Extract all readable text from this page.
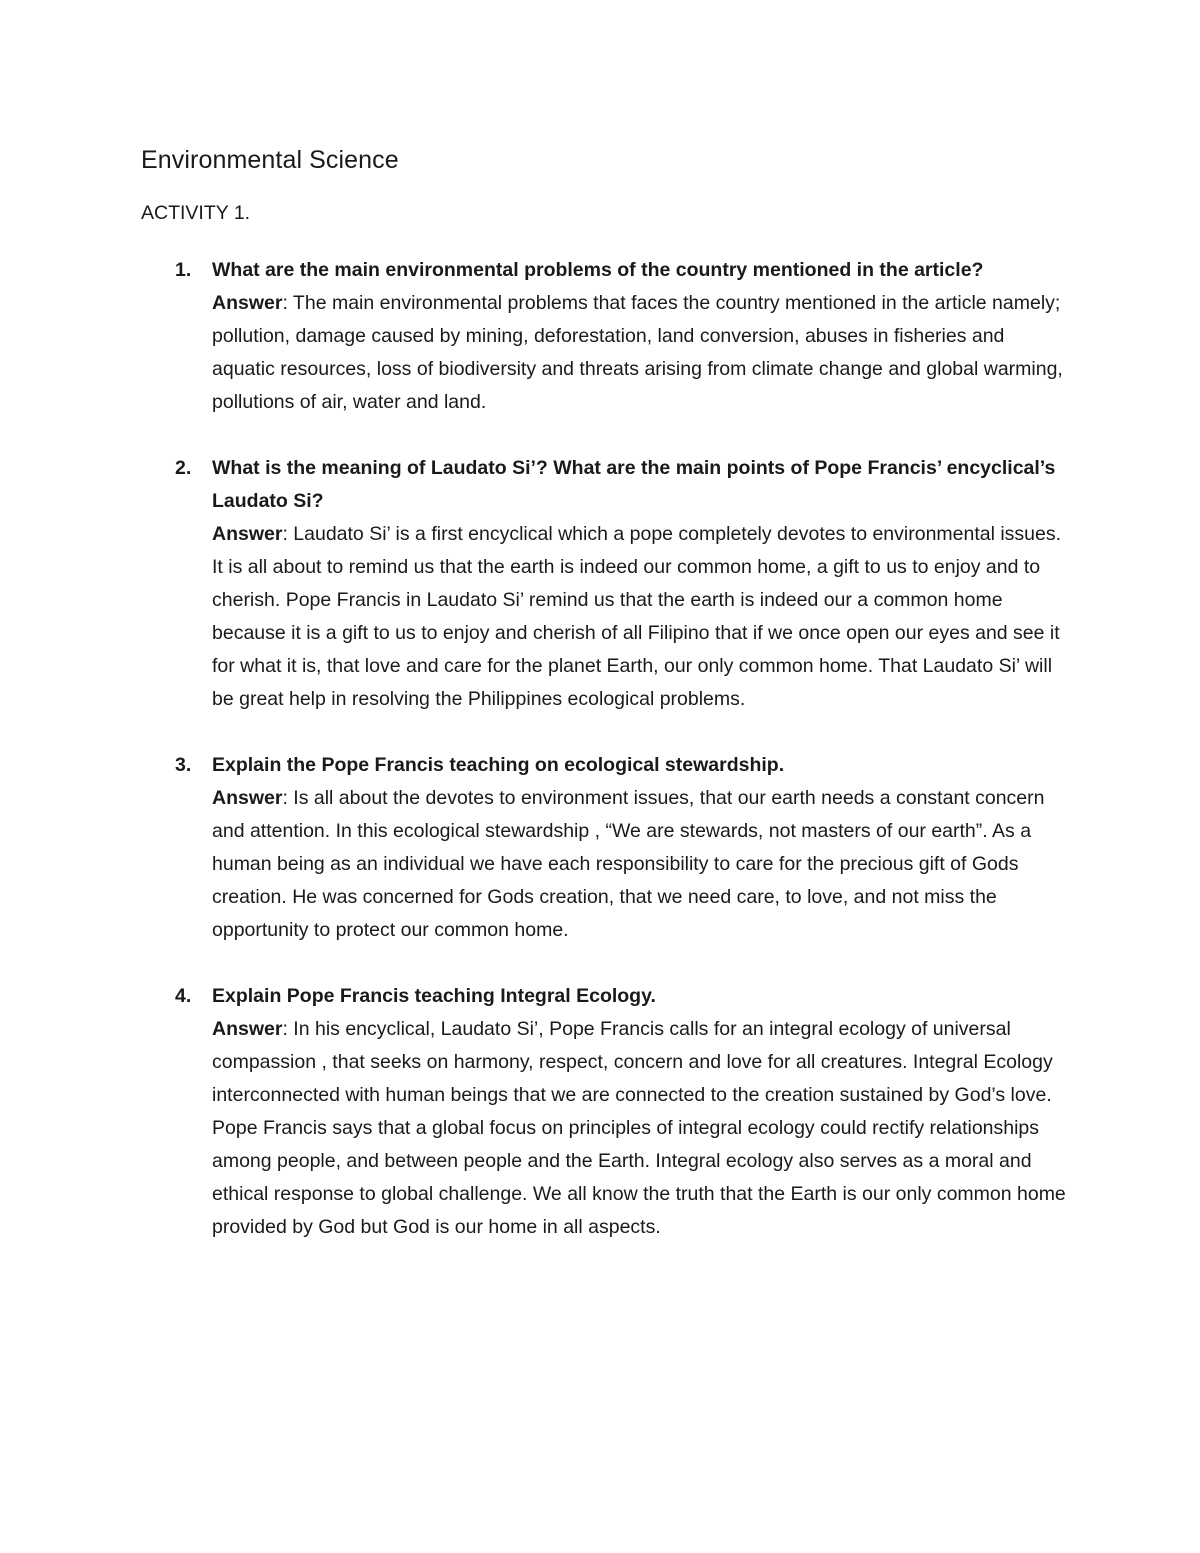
Environmental Science

ACTIVITY 1.

1. What are the main environmental problems of the country mentioned in the article?
Answer: The main environmental problems that faces the country mentioned in the article namely; pollution, damage caused by mining, deforestation, land conversion, abuses in fisheries and aquatic resources, loss of biodiversity and threats arising from climate change and global warming, pollutions of air, water and land.
2. What is the meaning of Laudato Si’? What are the main points of Pope Francis’ encyclical’s Laudato Si?
Answer: Laudato Si’ is a first encyclical which a pope completely devotes to environmental issues. It is all about to remind us that the earth is indeed our common home, a gift to us to enjoy and to cherish. Pope Francis in Laudato Si’ remind us that the earth is indeed our a common home because it is a gift to us to enjoy and cherish of all Filipino that if we once open our eyes and see it for what it is, that love and care for the planet Earth, our only common home. That Laudato Si’ will be great help in resolving the Philippines ecological problems.
3. Explain the Pope Francis teaching on ecological stewardship.
Answer: Is all about the devotes to environment issues, that our earth needs a constant concern and attention. In this ecological stewardship , “We are stewards, not masters of our earth”. As a human being as an individual we have each responsibility to care for the precious gift of Gods creation. He was concerned for Gods creation, that we need care, to love, and not miss the opportunity to protect our common home.
4. Explain Pope Francis teaching Integral Ecology.
Answer: In his encyclical, Laudato Si’, Pope Francis calls for an integral ecology of universal compassion , that seeks on harmony, respect, concern and love for all creatures. Integral Ecology interconnected with human beings that we are connected to the creation sustained by God’s love. Pope Francis says that a global focus on principles of integral ecology could rectify relationships among people, and between people and the Earth. Integral ecology also serves as a moral and ethical response to global challenge. We all know the truth that the Earth is our only common home provided by God but God is our home in all aspects.
